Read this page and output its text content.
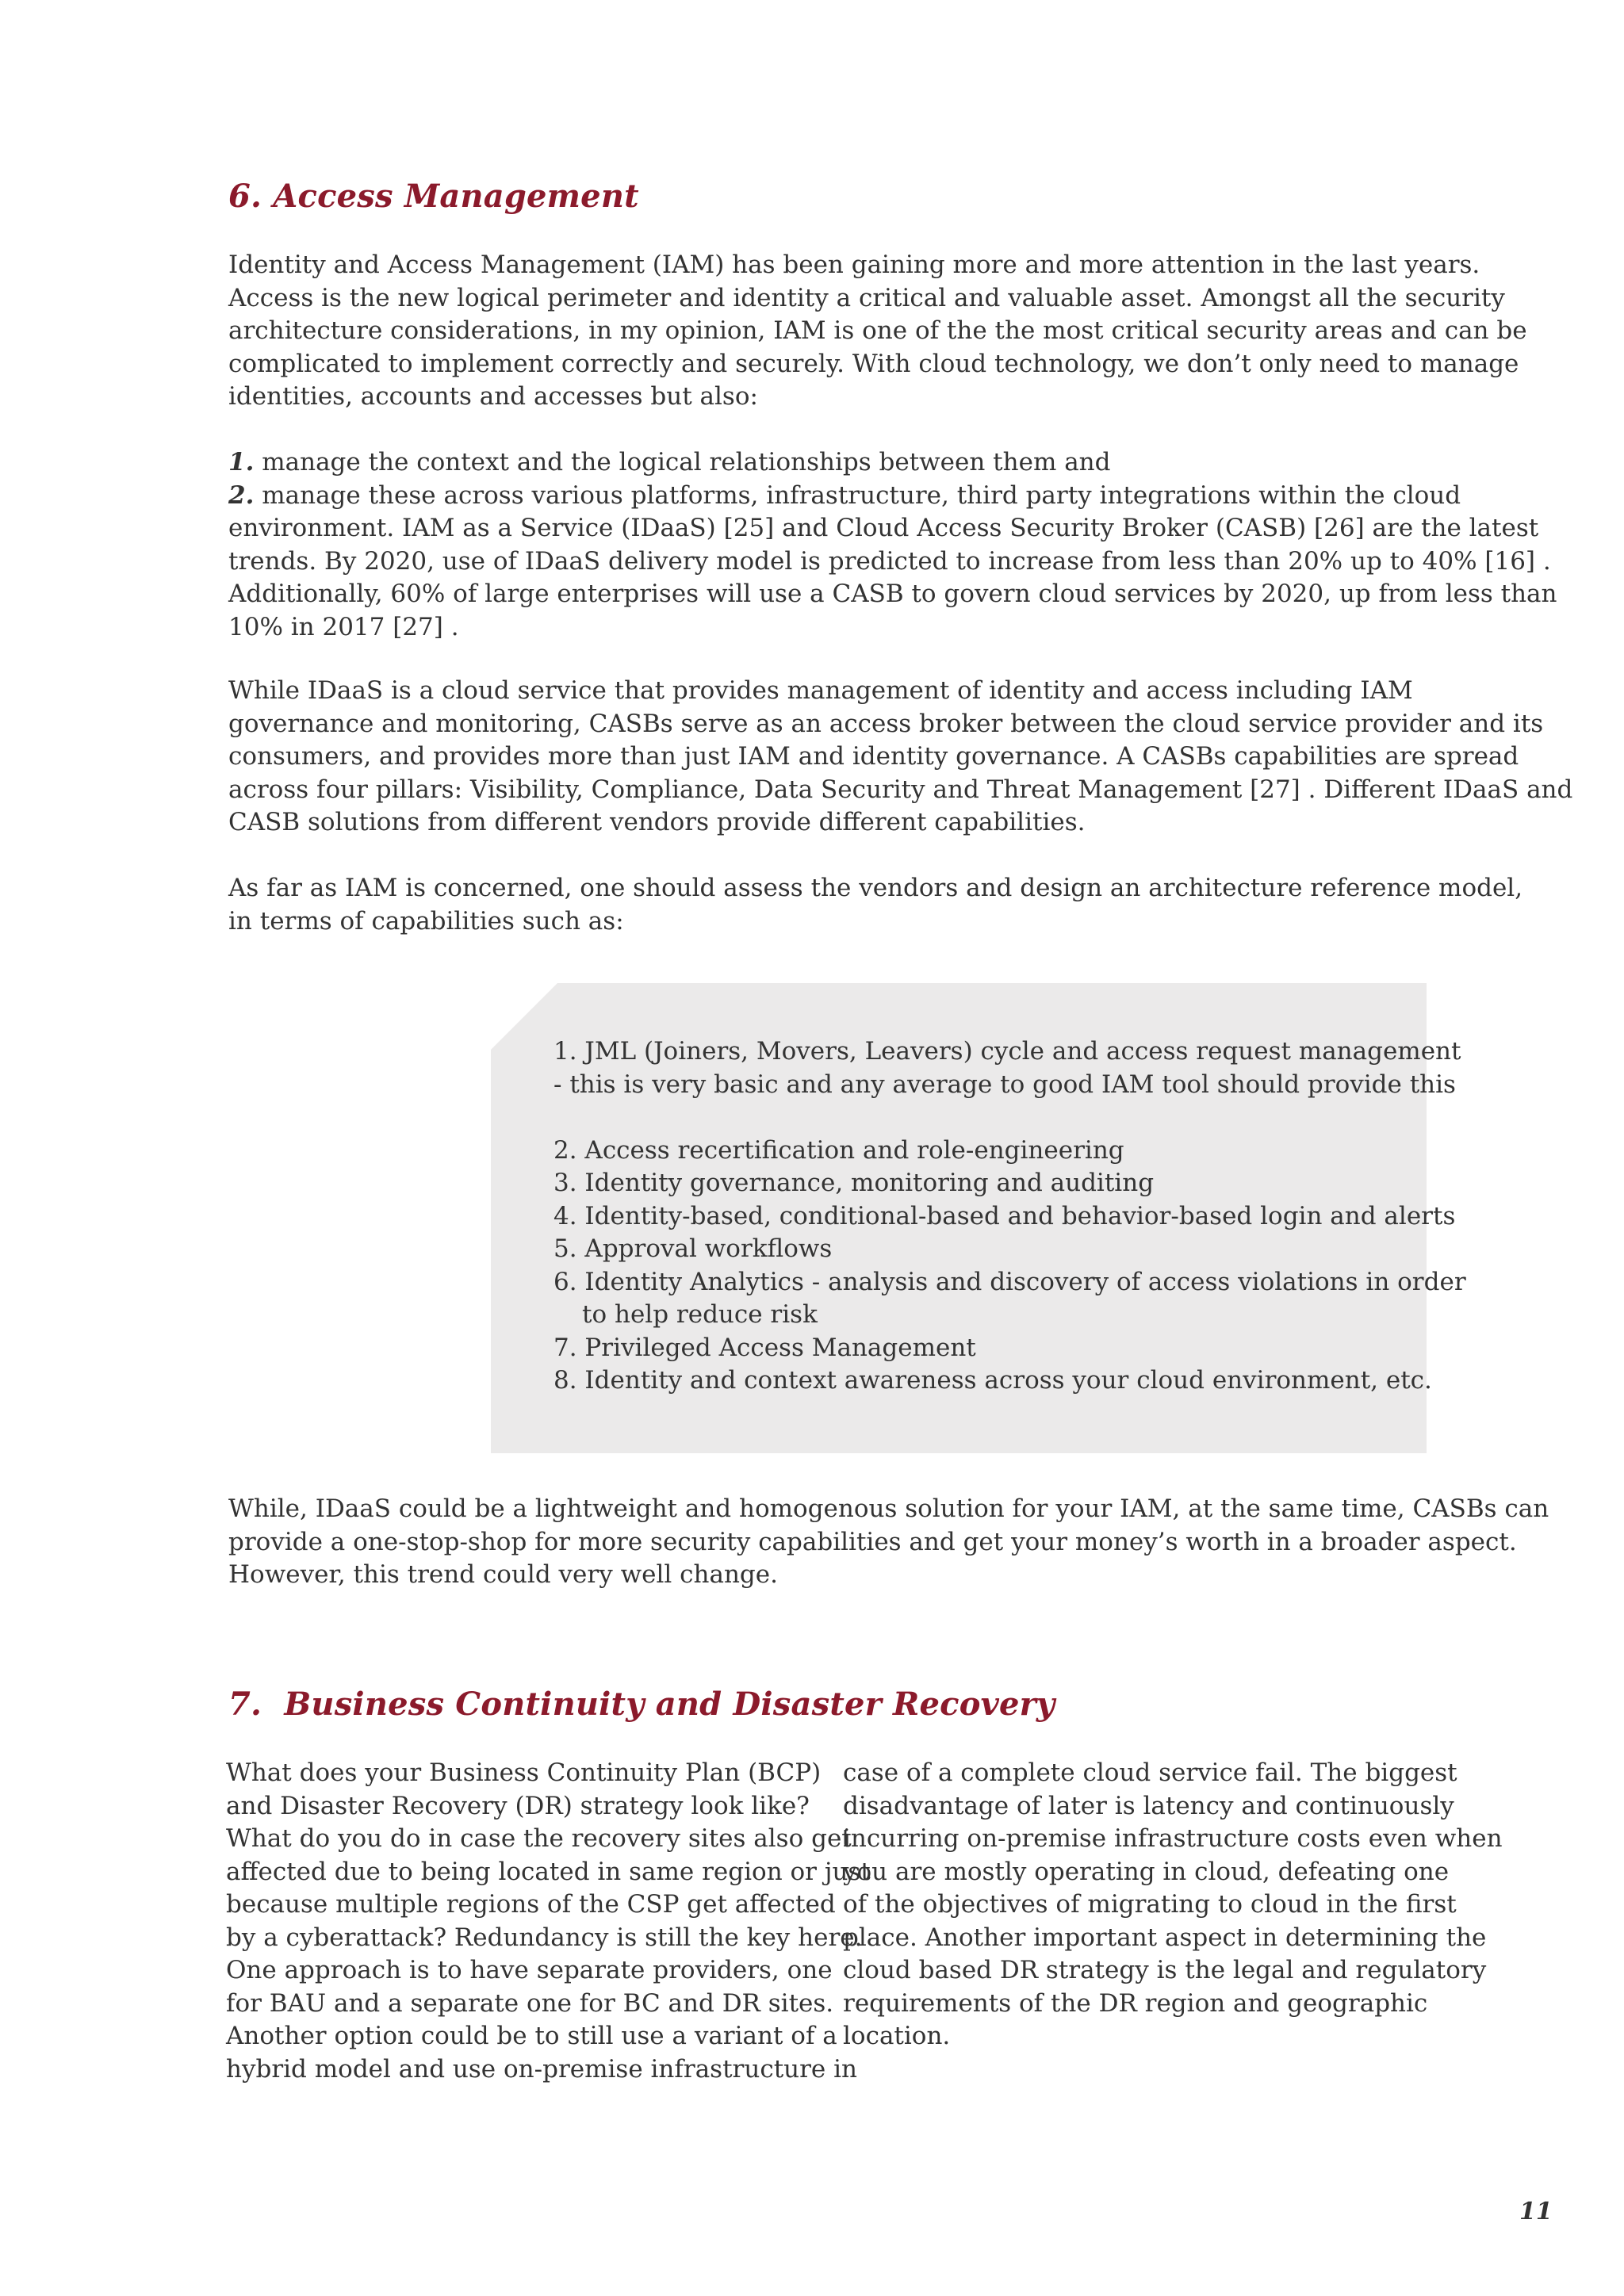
6. Access Management

Identity and Access Management (IAM) has been gaining more and more attention in the last years.
Access is the new logical perimeter and identity a critical and valuable asset. Amongst all the security
architecture considerations, in my opinion, IAM is one of the the most critical security areas and can be
complicated to implement correctly and securely. With cloud technology, we don’t only need to manage
identities, accounts and accesses but also:

1. manage the context and the logical relationships between them and
2. manage these across various platforms, infrastructure, third party integrations within the cloud
environment. IAM as a Service (IDaaS) [25] and Cloud Access Security Broker (CASB) [26] are the latest
trends. By 2020, use of IDaaS delivery model is predicted to increase from less than 20% up to 40% [16] .
Additionally, 60% of large enterprises will use a CASB to govern cloud services by 2020, up from less than
10% in 2017 [27] .

While IDaaS is a cloud service that provides management of identity and access including IAM
governance and monitoring, CASBs serve as an access broker between the cloud service provider and its
consumers, and provides more than just IAM and identity governance. A CASBs capabilities are spread
across four pillars: Visibility, Compliance, Data Security and Threat Management [27] . Different IDaaS and
CASB solutions from different vendors provide different capabilities.

As far as IAM is concerned, one should assess the vendors and design an architecture reference model,
in terms of capabilities such as:

1. JML (Joiners, Movers, Leavers) cycle and access request management
- this is very basic and any average to good IAM tool should provide this

2. Access recertification and role-engineering
3. Identity governance, monitoring and auditing
4. Identity-based, conditional-based and behavior-based login and alerts
5. Approval workflows
6. Identity Analytics - analysis and discovery of access violations in order
to help reduce risk
7. Privileged Access Management
8. Identity and context awareness across your cloud environment, etc.

While, IDaaS could be a lightweight and homogenous solution for your IAM, at the same time, CASBs can
provide a one-stop-shop for more security capabilities and get your money’s worth in a broader aspect.
However, this trend could very well change.

7.  Business Continuity and Disaster Recovery

What does your Business Continuity Plan (BCP)
and Disaster Recovery (DR) strategy look like?
What do you do in case the recovery sites also get
affected due to being located in same region or just
because multiple regions of the CSP get affected
by a cyberattack? Redundancy is still the key here.
One approach is to have separate providers, one
for BAU and a separate one for BC and DR sites.
Another option could be to still use a variant of a
hybrid model and use on-premise infrastructure in

case of a complete cloud service fail. The biggest
disadvantage of later is latency and continuously
incurring on-premise infrastructure costs even when
you are mostly operating in cloud, defeating one
of the objectives of migrating to cloud in the first
place. Another important aspect in determining the
cloud based DR strategy is the legal and regulatory
requirements of the DR region and geographic
location.

11
